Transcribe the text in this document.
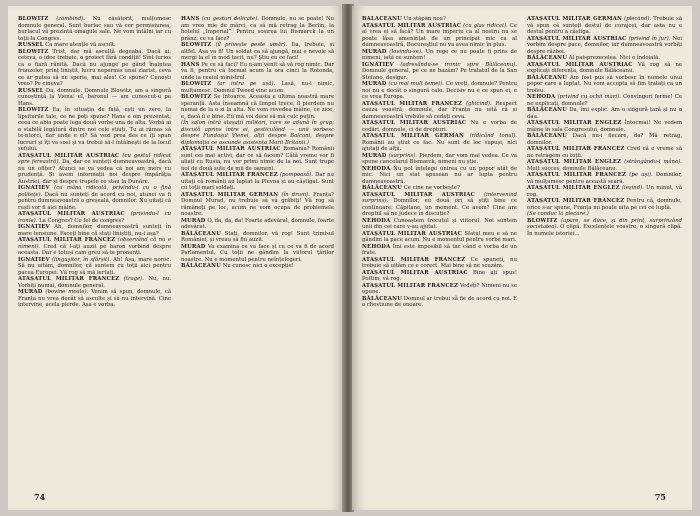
BLOWITZ (zâmbind). Nu căsătorit, mulțumesc domnule general. Sunt burlac sau vă cer permisiunea, burlacul vă prezintă omagiile sale. Ne vom întâlni iar cu toții la Congres.

RUSSEL Ca mare atenție vă ascult.

BLOWITZ Trist, dar mă ascultă degeaba. Dacă ai, ceteva, o idee trebuie, o proiect fără condiții! Sînt furios ca o fiară rănită. Dacă nu ajunge pe gând înaintea frunzelor, prinț liniștit, lucru nepermis unui ziarist, ceva ce ar putea să ne sperie, mai ales! Ce spune? Cunoști vreo? Pe cineva?

RUSSEL Da, domnule. Domnule Blowitz, am a singură cunoștință la Viena: el, baronul — am cunoscut-o pe Hans.

BLOWITZ Ea, în situația de față, ești un zero, la lipsiturile tale, ce ne poți spune? Hans e om prezentat, ceea ce abia poate lega două vorbe una de alta. Vorbă ai o stabilă legătură dintre noi cele stiuți. Tu ai rămas să te-ntorci, dar unde e el? Să vezi prea des ce îți spun lucruri și îți va sosi și va trebui să-l întâlnești de la locul șefului.

ATAȘATUL MILITAR AUSTRIAC (cu gestul ridicat spre fereastră). Da, dar ce sunteți dumneavoastră, dacă nu un ofițer? Atunci se va vedea că noi am mers cu prudență. Și avem informații noi despre împărăția Austriei, dar și despre trupele ce stau la Dunăre.

IGNATIEV (cu mâna ridicată, privindu-i cu o fină politețe). Dacă nu sunteți de acord cu noi, atunci va fi pentru dumneavoastră o greșeală, domnilor. Nu uitați că rușii vor fi aici mâine.

ATAȘATUL MILITAR AUSTRIAC (privindu-l cu ironie). La Congres? Ce fel de congres?

IGNATIEV Ah, domnilor, dumneavoastră sunteți în mare tensiune. Faceți bine că stați liniștiți, nu-i așa?

ATAȘATUL MILITAR FRANCEZ (observând că nu e nimeni). Cred că l-ați auzit pe baron vorbind despre aceasta. Dar e totuși cam greu să te pronunți.

IGNATIEV (linguşitor, în sfârșit). Ah! Așa, mare noroc. Să nu uităm, domnilor, că suntem cu toții aici pentru pacea Europei. Vă rog să mă iertați.

ATAȘATUL MILITAR FRANCEZ (trage). Nu, nu. Vorbiți numai, domnule general.

MURAD (bovine moale). Venim să spun, domnule, că Franța nu vrea decât să asculte și să nu intervină. Cine intervine, acela pierde. Așa e vorba.

HANS (cu gesturi delicate). Domnule, nu se poate! Nu am vreo mie de mărci, ca să mă retrag la Berlin, la hotelul „Imperial”. Pentru sosirea lui Bismarck la un prânz; ce va face?

BLOWITZ (îl privește peste umăr). Da, trebuie, și altfel. Așa va fi! Un soldat ca să ajungă, mai e nevoie să mergi la el în mod tacit, nu? Știu eu ce faci!

HANS Pe ce să faci? Eu n-am venit să vă rog nimic. Dar va fi, pentru că tocmai acum la ora cinci la Rotonda, unde ia ceaiul ministrul.

BLOWITZ (ar intra pe ușă). Lasă, nu-i nimic, mulțumesc. Domnul Tweed vine acum.

BLOWITZ Se întoarce. Aceasta e ultima noastră mare speranță. Asta înseamnă că timpul trece, îl pierdem nu numai de la o zi la alta. Ne vom revedea mâine, ce zice, e, dacă îi e bine. Eu mă voi duce să mă culc puțin.

(În salon intră atașații militari, care se adună în grup; discută aprins între ei, gesticulând — unii vorbesc despre Fundașul Vienei, alții despre Balcani, despre diplomația ce ascunde asistența Marii Britanii.)

ATAȘATUL MILITAR AUSTRIAC Romania? Românii sunt cei mai activi, dar ce să facem? Câtă vreme vor fi aliați cu Rusia, nu vor primi nimic de la noi. Sunt trupe noi de două sute de mii de oameni.

ATAȘATUL MILITAR FRANCEZ (pompoasă). Dar nu uitați că românii au luptat la Plevna și au câștigat. Sunt cu toții mari soldați.

ATAȘATUL MILITAR GERMAN (în drum). Franța? Domnul Murad, nu trebuie să vă grăbiți! Vă rog să rămâneți pe loc, acum ne vom ocupa de problemele noastre.

MURAD O, da, da, da! Foarte adevărat, domnule, foarte adevărat.

BĂLĂCEANU Stați, domnilor, vă rog! Sunt trimisul României, și vreau să fiu auzit.

MURAD Va examina ce va face și cu ce va fi de acord Parlamentul. Cu toții ne gândim la viitorul țărilor noastre. Nu e momentul pentru neînțelegeri.

BĂLĂCEANU Nu cunosc nici o excepție!

74

BĂLĂCEANU Un stăpân nou?

ATAȘATUL MILITAR AUSTRIAC (cu glas ridicat). Ce ai vrea ei să facă? Un mare imperiu ca al nostru nu se poate lăsa amenințat de un principat mic ca al dumneavoastră, Bucureștiul nu va avea nimic în plus.

MURAD (lovindu-se). Un rege ce nu poate fi prins de nimeni, iată ce suntem!

IGNATIEV (adresându-se ironic spre Bălăceanu). Domnule general, pe ce ne bazăm? Pe tratatul de la San Stefano, desigur.

MURAD (cu mai mult temei). Ce vreți, domnule? Pentru noi nu e decât o singură cale. Decisiv nu e ce spun ei, e ce vrea Europa.

ATAȘATUL MILITAR FRANCEZ (ghicind). Respect cauza voastră, domnule, dar Franța nu uită că și dumneavoastră trebuie să cedați ceva.

ATAȘATUL MILITAR AUSTRIAC Nu e vorba de cedări, domnule, ci de drepturi.

ATAȘATUL MILITAR GERMAN (ridicând tonul). Românii au știut ce fac. Nu sunt de loc supuși, nici ajutați de alții.

MURAD (surprins). Pierdem, dar vom mai vedea. Ce va spune cancelarul Bismarck, nimeni nu știe.

NEHODA Nu pot înțelege unirea cu un popor atât de mic. Nici un stat apusean nu ar lupta pentru dumneavoastră.

BĂLĂCEANU Ce cine ne vorbește?

ATAȘATUL MILITAR AUSTRIAC (intervenind surprins). Domnilor, eu două ori să știți bine ce continuare: Căpitane, un moment. Ce avem? Cine are dreptul să ne judece în discuție?

NEHODA Cunoaștem trecutul și viitorul. Noi suntem unii din cei care v-au ajutat.

ATAȘATUL MILITAR AUSTRIAC Sfatul meu e să ne gândim la pace acum. Nu e momentul pentru vorbe mari.

NEHODA Îmi este imposibil să tac când e vorba de un frate.

ATAȘATUL MILITAR FRANCEZ Ce spuneți, nu trebuie să uităm ce e corect. Mai bine să ne scuzăm.

ATAȘATUL MILITAR AUSTRIAC Bine ați spus! Poftim, vă rog.

ATAȘATUL MILITAR FRANCEZ Vedeți? Nimeni nu se opune.

BĂLĂCEANU Domnul ar trebui să fie de acord cu noi. E o chestiune de onoare.

ATAȘATUL MILITAR GERMAN (plecând). Trebuie să vă spun că sunteți destul de curajoși, dar asta nu e destul pentru a câștiga.

ATAȘATUL MILITAR AUSTRIAC (privind în jur). Noi vorbim despre pace, domnilor, iar dumneavoastră vorbiți despre război.

BĂLĂCEANU Al paisprezecelea. Nici o îndoială.

ATAȘATUL MILITAR AUSTRIAC Vă rog să ne explicați diferența, domnule Bălăceanu.

BĂLĂCEANU Am fost pus să vorbesc în numele unui popor care a luptat. Nu vom accepta să fim tratați ca un trofeu.

NEHODA (privind cu ochii mari). Convingeri ferme! Ce ne explicați, domnule?

BĂLĂCEANU Da, îmi explic. Am o singură țară și nu o dau.

ATAȘATUL MILITAR ENGLEZ Întocmai! Ne vedem mâine în sala Congresului, domnule.

BĂLĂCEANU Dacă nu-i fiecare, da? Mă retrag, domnilor.

ATAȘATUL MILITAR FRANCEZ Cred că e vreme să ne retragem cu toții.

ATAȘATUL MILITAR ENGLEZ (strângându-i mâna). Mult succes, domnule Bălăceanu.

ATAȘATUL MILITAR FRANCEZ (pe uși). Domnilor, vă mulțumesc pentru această seară.

ATAȘATUL MILITAR ENGLEZ (ieșind). Un minut, vă rog.

ATAȘATUL MILITAR FRANCEZ Pentru că, domnule, orice s-ar spune, Franța nu poate uita pe cei ce luptă.

(Se conduc la plecare.)

BLOWITZ (apare, se duce, și din prinț, surprinzând societatea). O clipă. Excelențele voastre, o singură clipă. În numele istoriei...

75
